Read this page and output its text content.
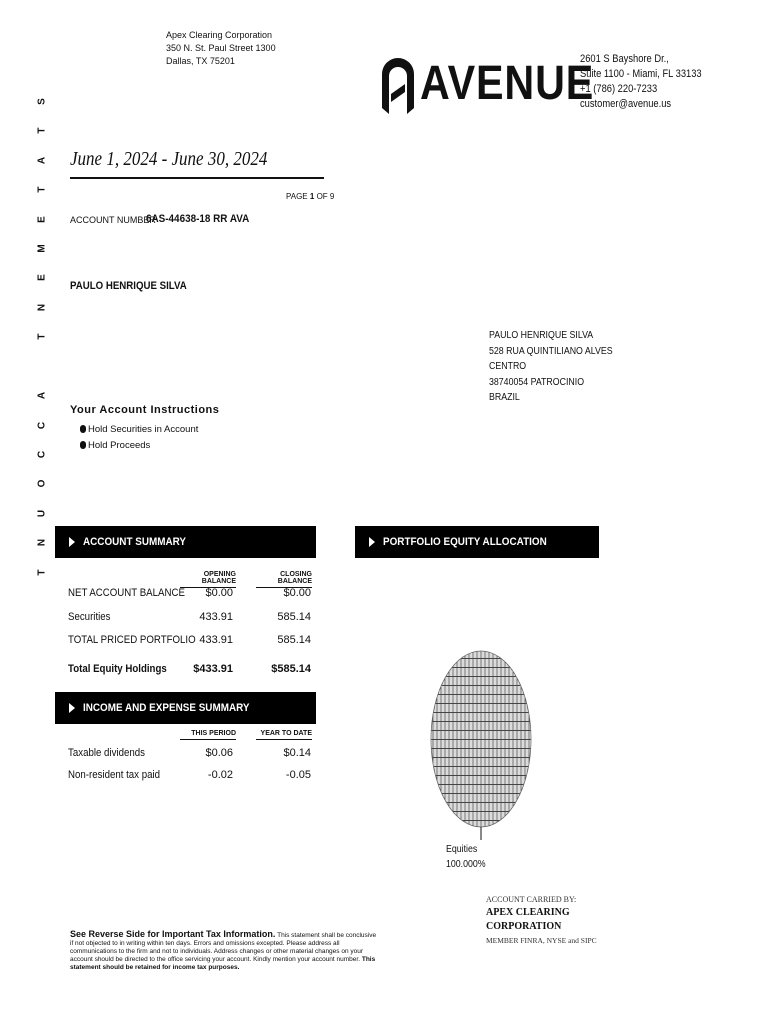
S
T
A
T
E
M
E
N
T
A
C
C
O
U
N
T
Apex Clearing Corporation
350 N. St. Paul Street 1300
Dallas, TX 75201	AVENUE
2601 S Bayshore Dr.,
Suite 1100 - Miami, FL 33133
+1 (786) 220-7233
customer@avenue.us
June 1, 2024 - June 30, 2024
PAGE 1 OF 9
ACCOUNT NUMBER
6AS-44638-18 RR AVA
PAULO HENRIQUE SILVA
PAULO HENRIQUE SILVA
528 RUA QUINTILIANO ALVES
CENTRO
38740054 PATROCINIO
BRAZIL
Your Account Instructions
Hold Securities in Account
Hold Proceeds
ACCOUNT SUMMARY	PORTFOLIO EQUITY ALLOCATION
INCOME AND EXPENSE SUMMARY
OPENING BALANCE
CLOSING BALANCE
NET ACCOUNT BALANCE $0.00	$0.00
Securities	433.91	585.14
TOTAL PRICED PORTFOLIO 433.91	585.14
Total Equity Holdings $433.91	$585.14
THIS PERIOD	YEAR TO DATE
Taxable dividends	$0.06	$0.14
Non-resident tax paid	-0.02	-0.05
Equities
100.000%
ACCOUNT CARRIED BY:
APEX CLEARING
CORPORATION
MEMBER FINRA, NYSE and SIPC
See Reverse Side for Important Tax Information. This statement shall be conclusive if not objected to in writing within ten days. Errors and omissions excepted. Please address all communications to the firm and not to individuals. Address changes or other material changes on your account should be directed to the office servicing your account. Kindly mention your account number. This statement should be retained for income tax purposes.
